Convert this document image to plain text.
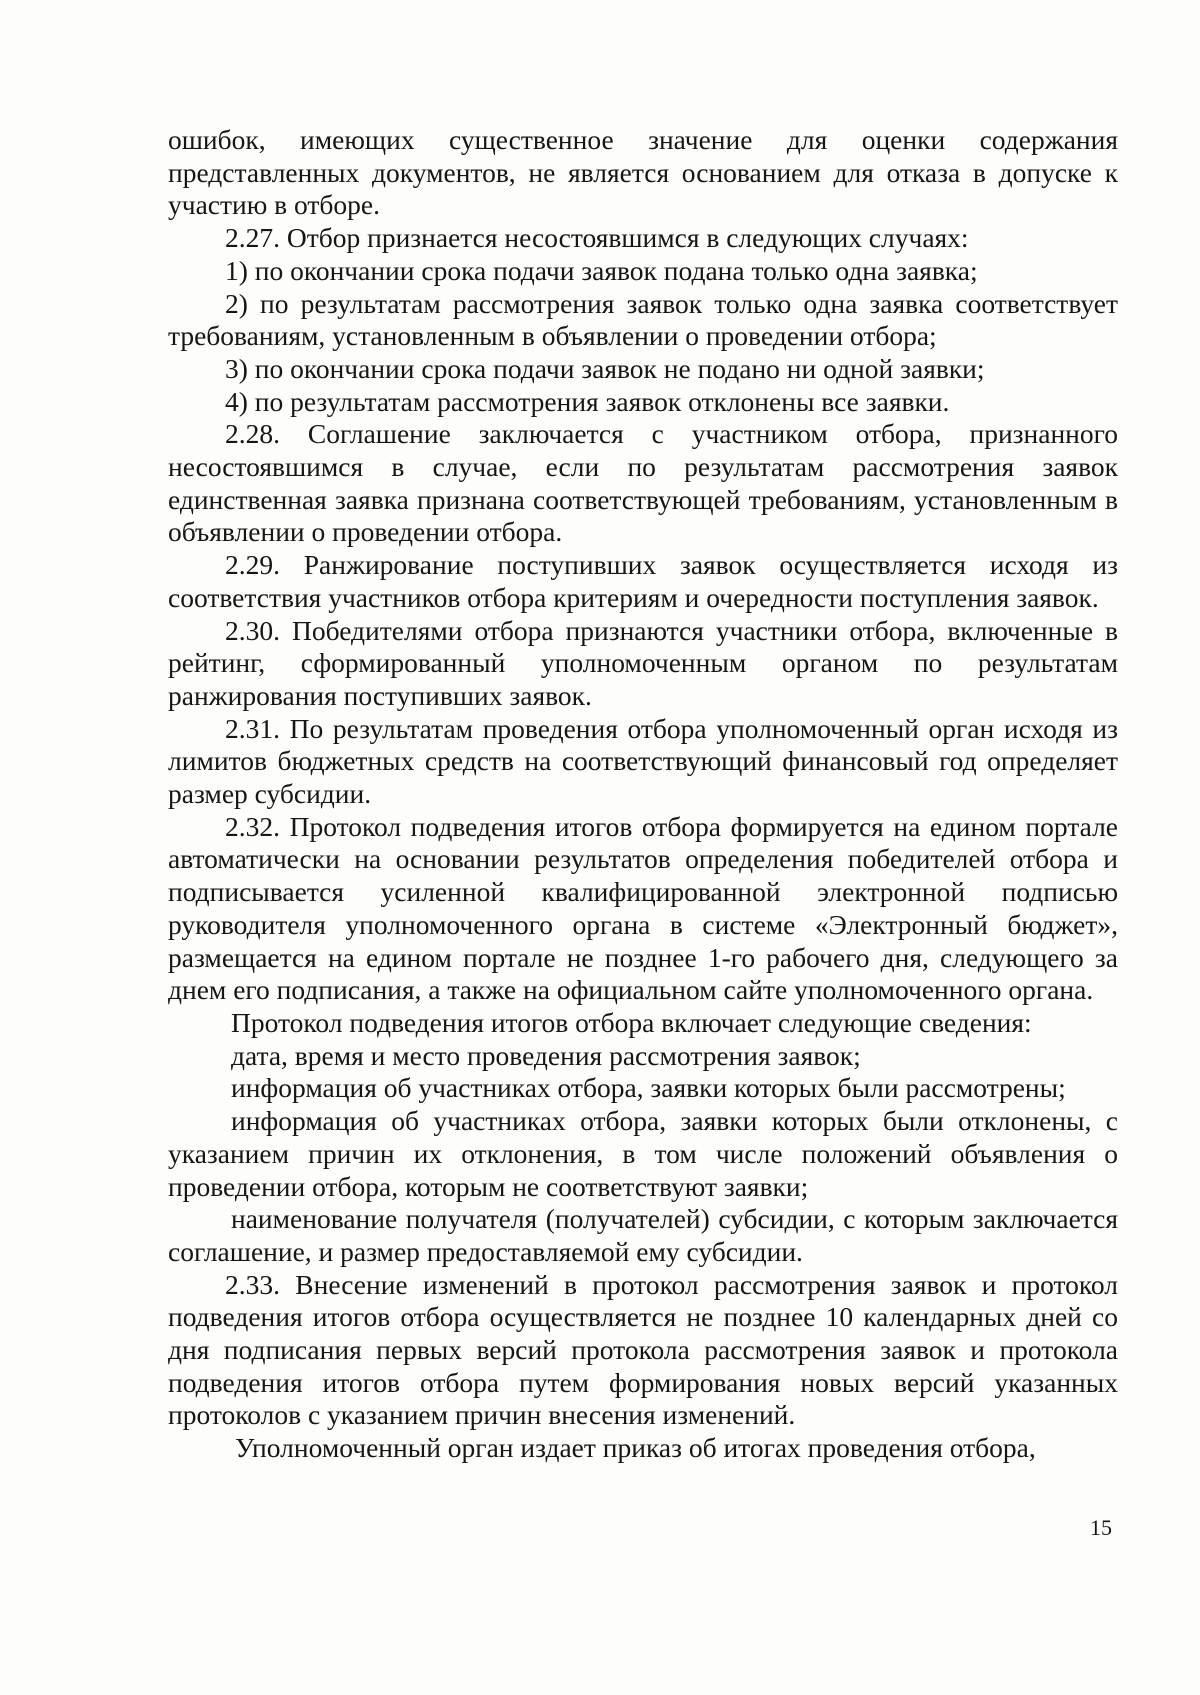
ошибок, имеющих существенное значение для оценки содержания представленных документов, не является основанием для отказа в допуске к участию в отборе.

2.27. Отбор признается несостоявшимся в следующих случаях:

1) по окончании срока подачи заявок подана только одна заявка;

2) по результатам рассмотрения заявок только одна заявка соответствует требованиям, установленным в объявлении о проведении отбора;

3) по окончании срока подачи заявок не подано ни одной заявки;

4) по результатам рассмотрения заявок отклонены все заявки.

2.28. Соглашение заключается с участником отбора, признанного несостоявшимся в случае, если по результатам рассмотрения заявок единственная заявка признана соответствующей требованиям, установленным в объявлении о проведении отбора.

2.29. Ранжирование поступивших заявок осуществляется исходя из соответствия участников отбора критериям и очередности поступления заявок.

2.30. Победителями отбора признаются участники отбора, включенные в рейтинг, сформированный уполномоченным органом по результатам ранжирования поступивших заявок.

2.31. По результатам проведения отбора уполномоченный орган исходя из лимитов бюджетных средств на соответствующий финансовый год определяет размер субсидии.

2.32. Протокол подведения итогов отбора формируется на едином портале автоматически на основании результатов определения победителей отбора и подписывается усиленной квалифицированной электронной подписью руководителя уполномоченного органа в системе «Электронный бюджет», размещается на едином портале не позднее 1-го рабочего дня, следующего за днем его подписания, а также на официальном сайте уполномоченного органа.

Протокол подведения итогов отбора включает следующие сведения:

дата, время и место проведения рассмотрения заявок;

информация об участниках отбора, заявки которых были рассмотрены;

информация об участниках отбора, заявки которых были отклонены, с указанием причин их отклонения, в том числе положений объявления о проведении отбора, которым не соответствуют заявки;

наименование получателя (получателей) субсидии, с которым заключается соглашение, и размер предоставляемой ему субсидии.

2.33. Внесение изменений в протокол рассмотрения заявок и протокол подведения итогов отбора осуществляется не позднее 10 календарных дней со дня подписания первых версий протокола рассмотрения заявок и протокола подведения итогов отбора путем формирования новых версий указанных протоколов с указанием причин внесения изменений.

Уполномоченный орган издает приказ об итогах проведения отбора,

15
